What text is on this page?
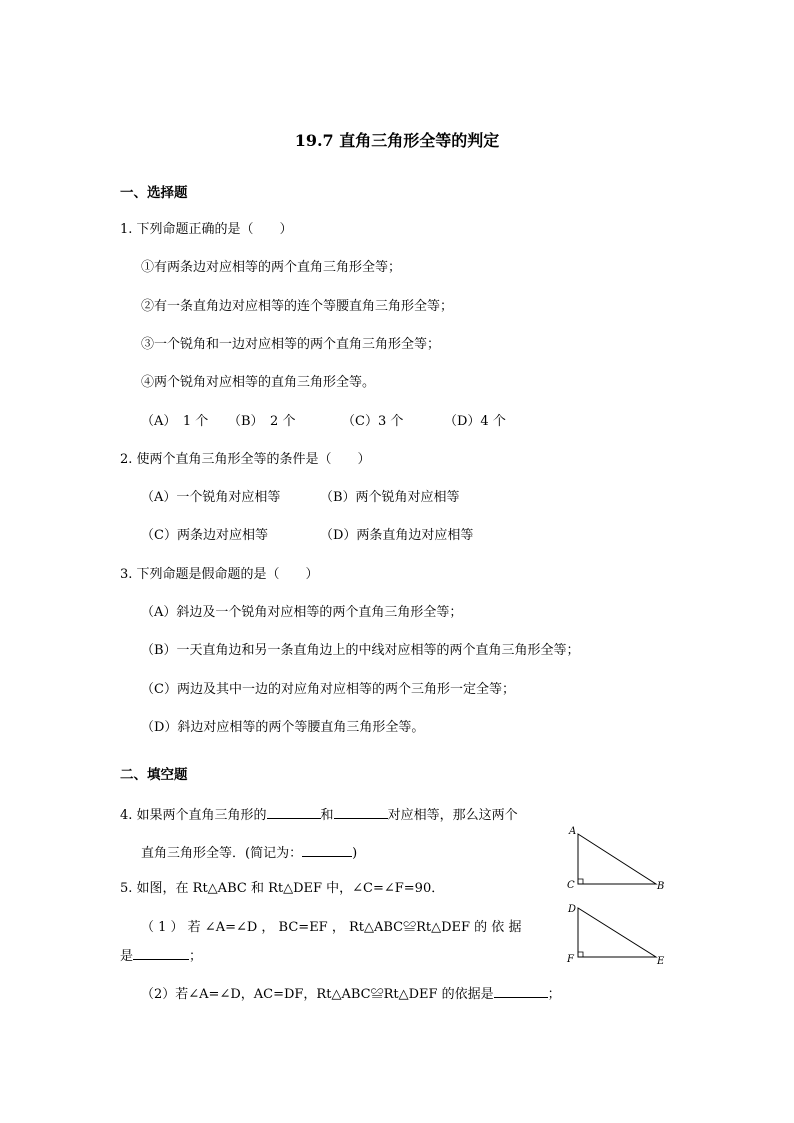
19.7 直角三角形全等的判定
一、选择题
1. 下列命题正确的是（　　）
①有两条边对应相等的两个直角三角形全等；
②有一条直角边对应相等的连个等腰直角三角形全等；
③一个锐角和一边对应相等的两个直角三角形全等；
④两个锐角对应相等的直角三角形全等。
（A）　1 个 （B）　2 个	（C）3 个	（D）4 个
2. 使两个直角三角形全等的条件是（　　）
（A）一个锐角对应相等	（B）两个锐角对应相等
（C）两条边对应相等	（D）两条直角边对应相等
3. 下列命题是假命题的是（　　）
（A）斜边及一个锐角对应相等的两个直角三角形全等；
（B）一天直角边和另一条直角边上的中线对应相等的两个直角三角形全等；
（C）两边及其中一边的对应角对应相等的两个三角形一定全等；
（D）斜边对应相等的两个等腰直角三角形全等。
二、填空题
4. 如果两个直角三角形的	和	对应相等，那么这两个
直角三角形全等．(简记为：	)
5. 如图，在 Rt△ABC 和 Rt△DEF 中，∠C=∠F=90．
（ 1 ） 若 ∠A=∠D ， BC=EF ， Rt△ABC≌Rt△DEF 的 依 据
是	；
（2）若∠A=∠D，AC=DF，Rt△ABC≌Rt△DEF 的依据是	；
A
C	B
D
F	E
